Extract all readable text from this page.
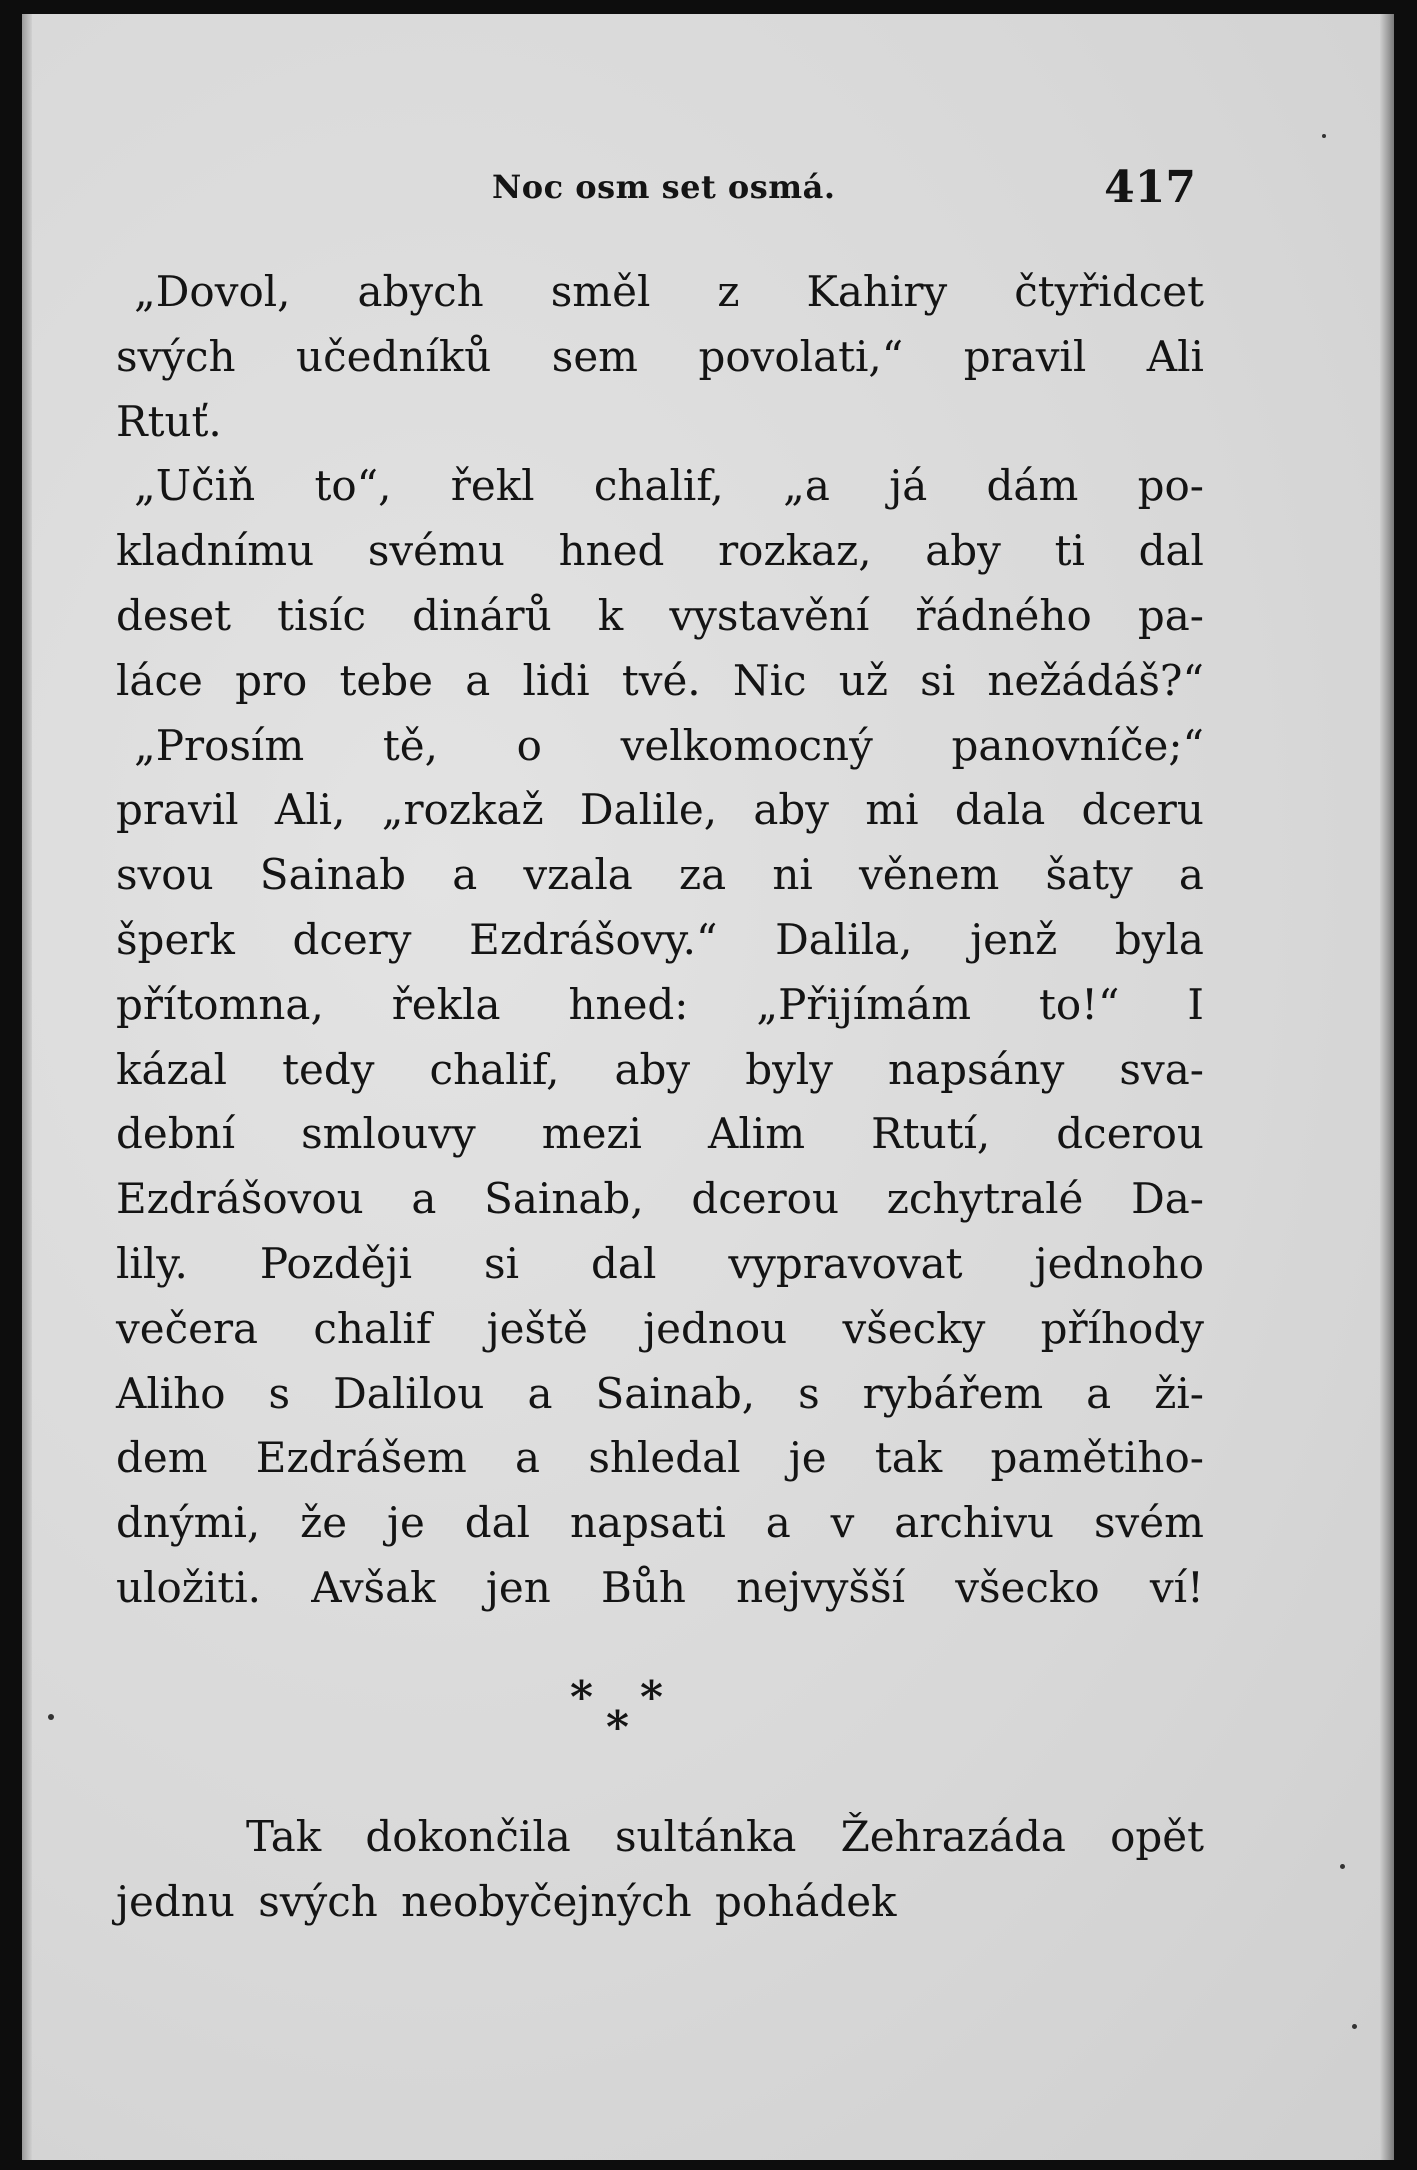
Noc osm set osmá.	417
„Dovol, abych směl z Kahiry čtyřidcet
svých učedníků sem povolati,“ pravil Ali
Rtuť.
„Učiň to“, řekl chalif, „a já dám po-
kladnímu svému hned rozkaz, aby ti dal
deset tisíc dinárů k vystavění řádného pa-
láce pro tebe a lidi tvé. Nic už si nežádáš?“
„Prosím tě, o velkomocný panovníče;“
pravil Ali, „rozkaž Dalile, aby mi dala dceru
svou Sainab a vzala za ni věnem šaty a
šperk dcery Ezdrášovy.“ Dalila, jenž byla
přítomna, řekla hned: „Přijímám to!“ I
kázal tedy chalif, aby byly napsány sva-
dební smlouvy mezi Alim Rtutí, dcerou
Ezdrášovou a Sainab, dcerou zchytralé Da-
lily. Později si dal vypravovat jednoho
večera chalif ještě jednou všecky příhody
Aliho s Dalilou a Sainab, s rybářem a ži-
dem Ezdrášem a shledal je tak pamětiho-
dnými, že je dal napsati a v archivu svém
uložiti. Avšak jen Bůh nejvyšší všecko ví!
* *
*
Tak dokončila sultánka Žehrazáda opět
jednu svých neobyčejných pohádek
